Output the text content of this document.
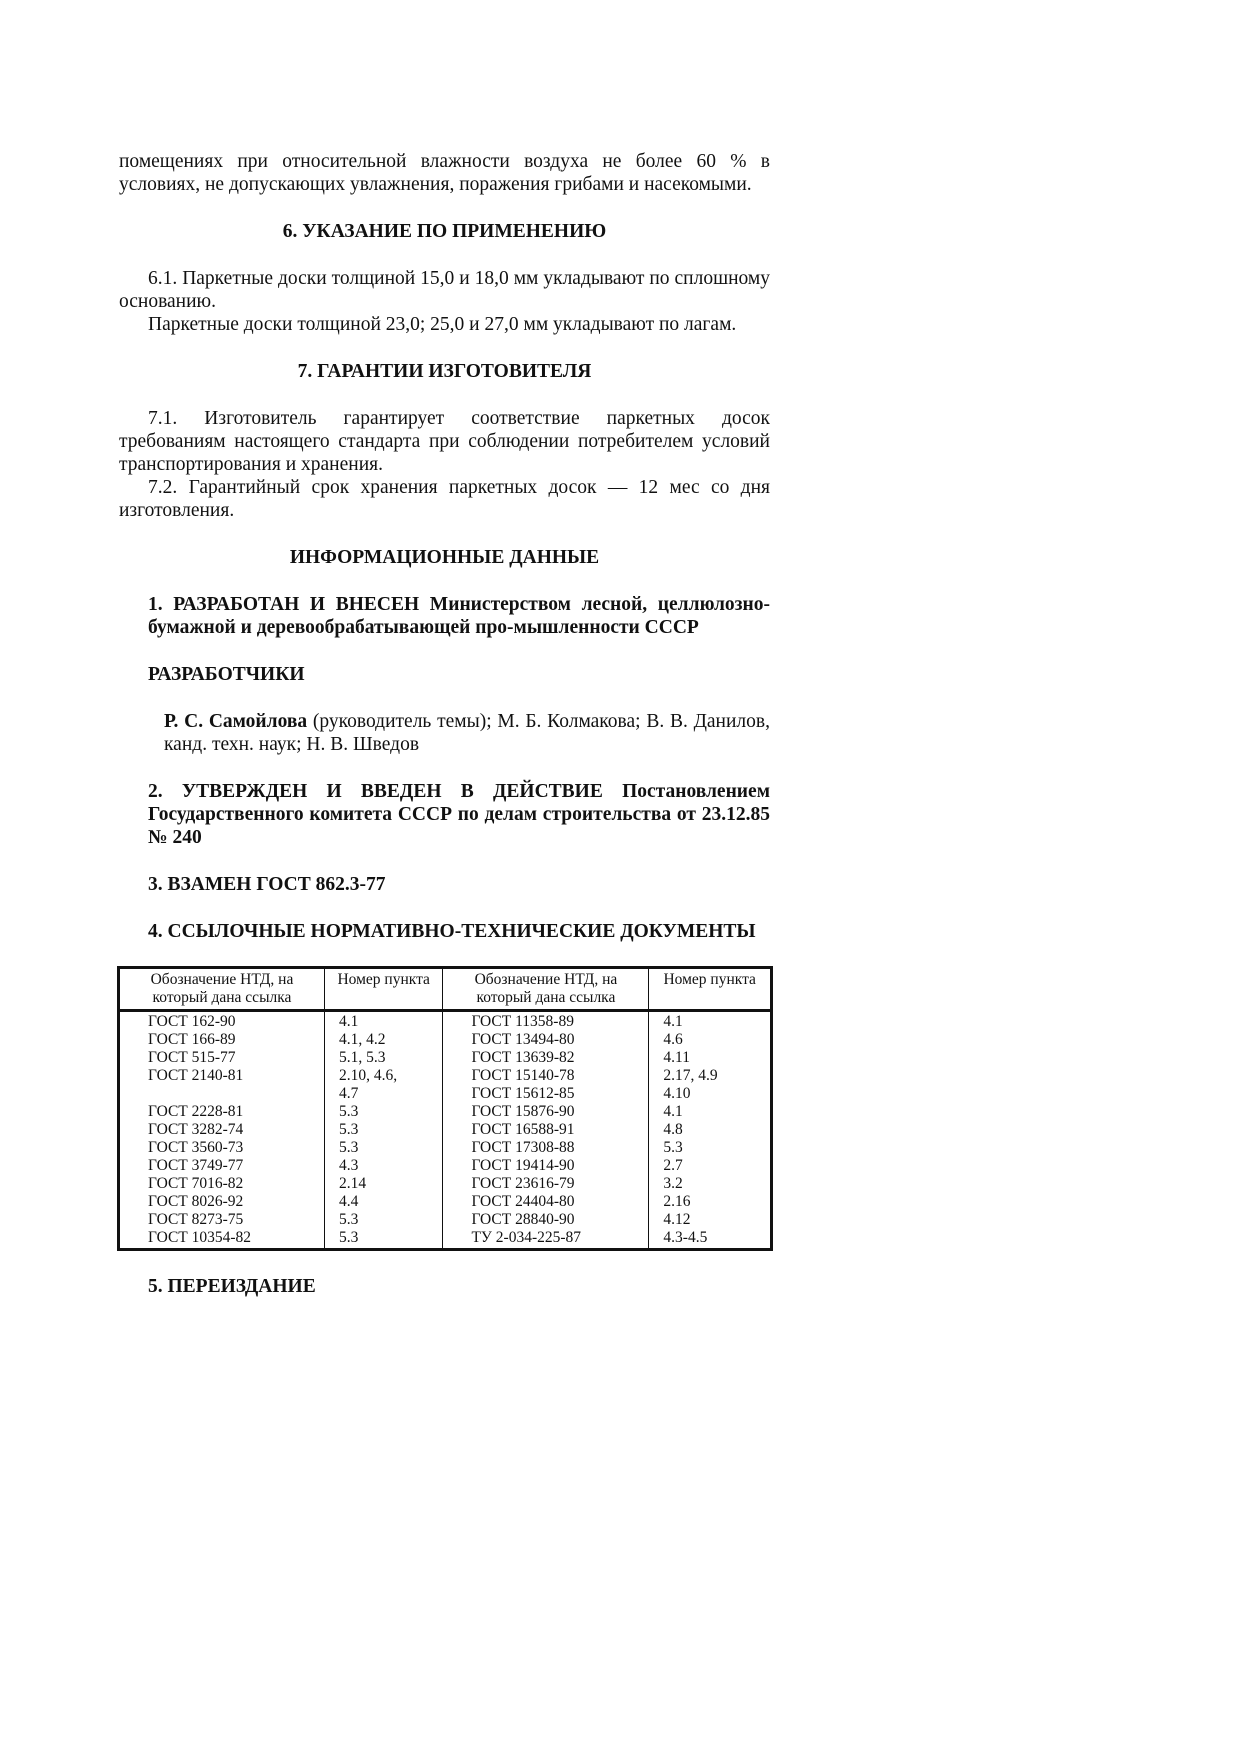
помещениях при относительной влажности воздуха не более 60 % в условиях, не допускающих увлажнения, поражения грибами и насекомыми.

6. УКАЗАНИЕ ПО ПРИМЕНЕНИЮ

6.1. Паркетные доски толщиной 15,0 и 18,0 мм укладывают по сплошному основанию.

Паркетные доски толщиной 23,0; 25,0 и 27,0 мм укладывают по лагам.

7. ГАРАНТИИ ИЗГОТОВИТЕЛЯ

7.1. Изготовитель гарантирует соответствие паркетных досок требованиям настоящего стандарта при соблюдении потребителем условий транспортирования и хранения.

7.2. Гарантийный срок хранения паркетных досок — 12 мес со дня изготовления.

ИНФОРМАЦИОННЫЕ ДАННЫЕ

1. РАЗРАБОТАН И ВНЕСЕН Министерством лесной, целлюлозно-бумажной и деревообрабатывающей про-мышленности СССР

РАЗРАБОТЧИКИ

Р. С. Самойлова (руководитель темы); М. Б. Колмакова; В. В. Данилов, канд. техн. наук; Н. В. Шведов

2. УТВЕРЖДЕН И ВВЕДЕН В ДЕЙСТВИЕ Постановлением Государственного комитета СССР по делам строительства от 23.12.85 № 240

3. ВЗАМЕН ГОСТ 862.3-77

4. ССЫЛОЧНЫЕ НОРМАТИВНО-ТЕХНИЧЕСКИЕ ДОКУМЕНТЫ

Обозначение НТД, на который дана ссылка	Номер пункта	Обозначение НТД, на который дана ссылка	Номер пункта
ГОСТ 162-90	4.1	ГОСТ 11358-89	4.1
ГОСТ 166-89	4.1, 4.2	ГОСТ 13494-80	4.6
ГОСТ 515-77	5.1, 5.3	ГОСТ 13639-82	4.11
ГОСТ 2140-81	2.10, 4.6,	ГОСТ 15140-78	2.17, 4.9
	4.7	ГОСТ 15612-85	4.10
ГОСТ 2228-81	5.3	ГОСТ 15876-90	4.1
ГОСТ 3282-74	5.3	ГОСТ 16588-91	4.8
ГОСТ 3560-73	5.3	ГОСТ 17308-88	5.3
ГОСТ 3749-77	4.3	ГОСТ 19414-90	2.7
ГОСТ 7016-82	2.14	ГОСТ 23616-79	3.2
ГОСТ 8026-92	4.4	ГОСТ 24404-80	2.16
ГОСТ 8273-75	5.3	ГОСТ 28840-90	4.12
ГОСТ 10354-82	5.3	ТУ 2-034-225-87	4.3-4.5

5. ПЕРЕИЗДАНИЕ
